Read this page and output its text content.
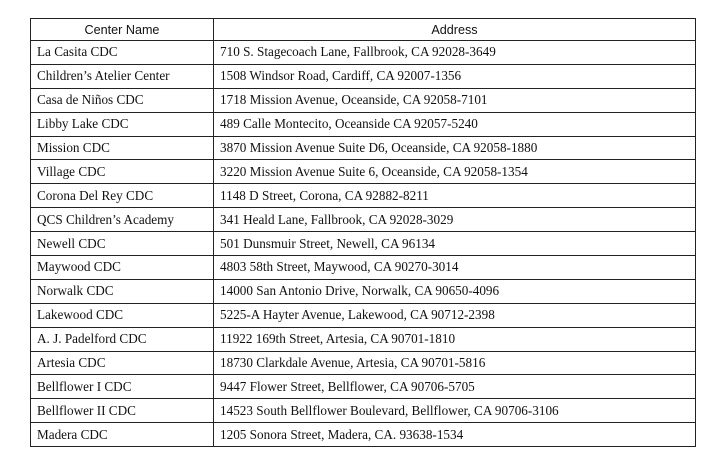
Center Name	Address
La Casita CDC	710 S. Stagecoach Lane, Fallbrook, CA 92028-3649
Children’s Atelier Center	1508 Windsor Road, Cardiff, CA 92007-1356
Casa de Niños CDC	1718 Mission Avenue, Oceanside, CA 92058-7101
Libby Lake CDC	489 Calle Montecito, Oceanside CA 92057-5240
Mission CDC	3870 Mission Avenue Suite D6, Oceanside, CA 92058-1880
Village CDC	3220 Mission Avenue Suite 6, Oceanside, CA 92058-1354
Corona Del Rey CDC	1148 D Street, Corona, CA 92882-8211
QCS Children’s Academy	341 Heald Lane, Fallbrook, CA 92028-3029
Newell CDC	501 Dunsmuir Street, Newell, CA 96134
Maywood CDC	4803 58th Street, Maywood, CA 90270-3014
Norwalk CDC	14000 San Antonio Drive, Norwalk, CA 90650-4096
Lakewood CDC	5225-A Hayter Avenue, Lakewood, CA 90712-2398
A. J. Padelford CDC	11922 169th Street, Artesia, CA 90701-1810
Artesia CDC	18730 Clarkdale Avenue, Artesia, CA 90701-5816
Bellflower I CDC	9447 Flower Street, Bellflower, CA 90706-5705
Bellflower II CDC	14523 South Bellflower Boulevard, Bellflower, CA 90706-3106
Madera CDC	1205 Sonora Street, Madera, CA. 93638-1534
